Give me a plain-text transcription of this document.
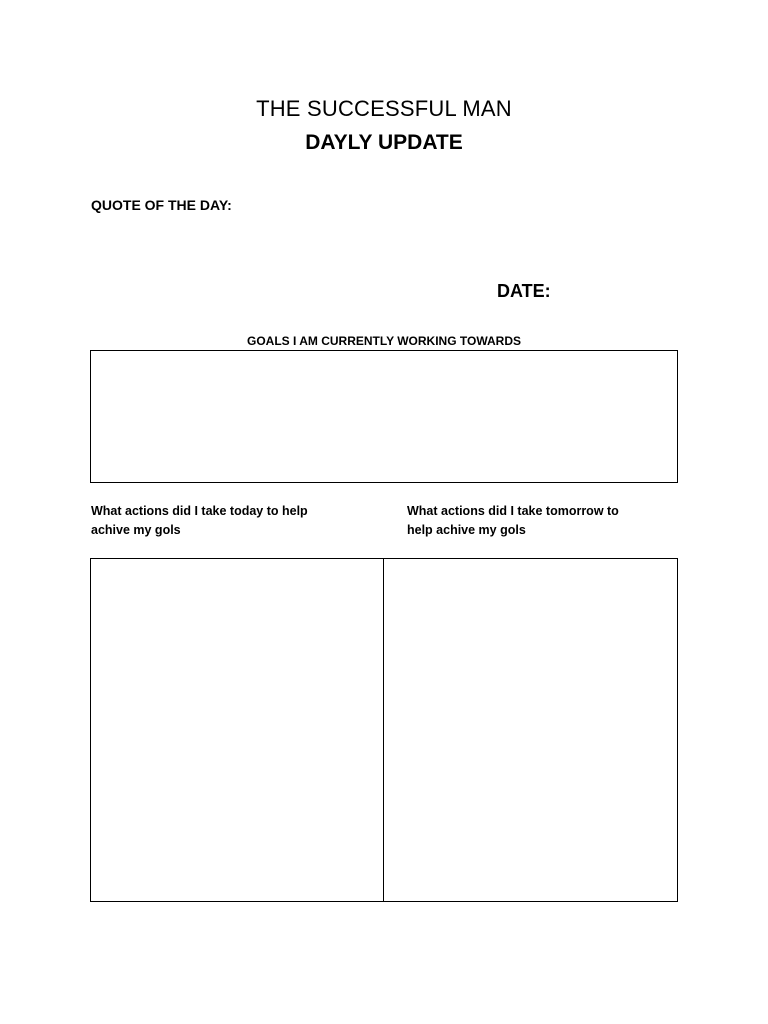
THE SUCCESSFUL MAN
DAYLY UPDATE
QUOTE OF THE DAY:
DATE:
GOALS I AM CURRENTLY WORKING TOWARDS
What actions did I take today to help achive my gols
What actions did I take tomorrow to help achive my gols
